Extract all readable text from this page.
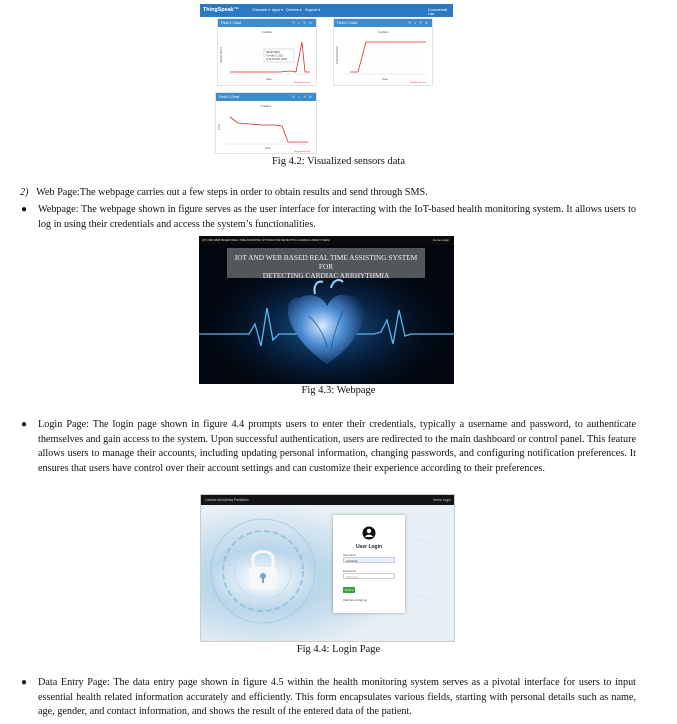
ThingSpeak™	Channels ▾ Apps ▾ Devices ▾ Support ▾	Commercial Use
Field 1 Chart	✎ ○ ✎ ✕
Cardiac
HEART BEAT	HEART BEAT
Tue Mar 11 2023
11:01:05 GMT+0530
Date
ThingSpeak.com
Field 2 Chart	✎ ○ ✎ ✕
Cardiac
TEMPERATURE
Date
ThingSpeak.com
Field 3 Chart	✎ ○ ✎ ✕
Cardiac
ECG
Date
ThingSpeak.com
Fig 4.2: Visualized sensors data
2) Web Page:The webpage carries out a few steps in order to obtain results and send through SMS.
● Webpage: The webpage shown in figure serves as the user interface for interacting with the IoT-based health monitoring system. It allows users to log in using their credentials and access the system’s functionalities.
IOT AND WEB BASED REAL TIME ASSISTING SYSTEM FOR DETECTING CARDIAC ARRHYTHMIA	Home Login
IOT AND WEB BASED REAL TIME ASSISTING SYSTEM FOR
DETECTING CARDIAC ARRHYTHMIA
Fig 4.3: Webpage
● Login Page: The login page shown in figure 4.4 prompts users to enter their credentials, typically a username and password, to authenticate themselves and gain access to the system. Upon successful authentication, users are redirected to the main dashboard or control panel. This feature allows users to manage their accounts, including updating personal information, changing passwords, and configuring notification preferences. It ensures that users have control over their account settings and can customize their experience according to their preferences.
Cardiac Arrhythmia Prediction	Home Login
User Login
Username
sachinraj
Password
Password
Submit
Click here to Sign up
Fig 4.4: Login Page
● Data Entry Page: The data entry page shown in figure 4.5 within the health monitoring system serves as a pivotal interface for users to input essential health related information accurately and efficiently. This form encapsulates various fields, starting with personal details such as name, age, gender, and contact information, and shows the result of the entered data of the patient.
